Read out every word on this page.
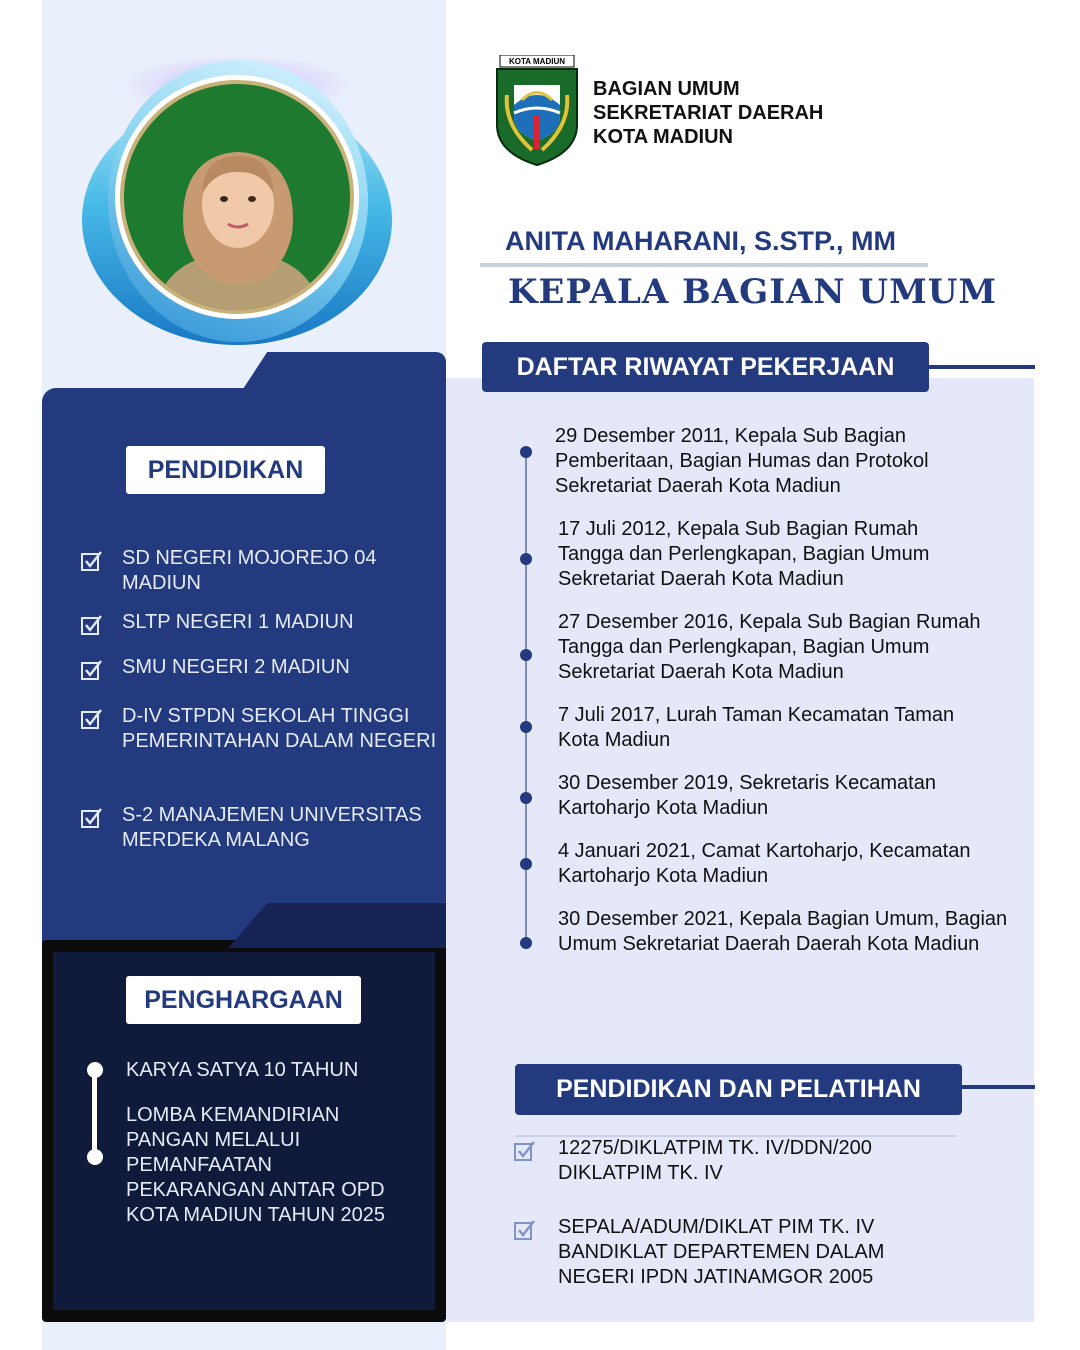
KOTA MADIUN
BAGIAN UMUM
SEKRETARIAT DAERAH
KOTA MADIUN
ANITA MAHARANI, S.STP., MM
KEPALA BAGIAN UMUM
DAFTAR RIWAYAT PEKERJAAN
PENDIDIKAN
SD NEGERI MOJOREJO 04 MADIUN
SLTP NEGERI 1 MADIUN
SMU NEGERI 2 MADIUN
D-IV STPDN SEKOLAH TINGGI PEMERINTAHAN DALAM NEGERI
S-2 MANAJEMEN UNIVERSITAS MERDEKA MALANG
PENGHARGAAN
KARYA SATYA 10 TAHUN
LOMBA KEMANDIRIAN PANGAN MELALUI PEMANFAATAN PEKARANGAN ANTAR OPD KOTA MADIUN TAHUN 2025
29 Desember 2011, Kepala Sub Bagian Pemberitaan, Bagian Humas dan Protokol Sekretariat Daerah Kota Madiun
17 Juli 2012, Kepala Sub Bagian Rumah Tangga dan Perlengkapan, Bagian Umum Sekretariat Daerah Kota Madiun
27 Desember 2016, Kepala Sub Bagian Rumah Tangga dan Perlengkapan, Bagian Umum Sekretariat Daerah Kota Madiun
7 Juli 2017, Lurah Taman Kecamatan Taman Kota Madiun
30 Desember 2019, Sekretaris Kecamatan Kartoharjo Kota Madiun
4 Januari 2021, Camat Kartoharjo, Kecamatan Kartoharjo Kota Madiun
30 Desember 2021, Kepala Bagian Umum, Bagian Umum Sekretariat Daerah Daerah Kota Madiun
PENDIDIKAN DAN PELATIHAN
12275/DIKLATPIM TK. IV/DDN/200 DIKLATPIM TK. IV
SEPALA/ADUM/DIKLAT PIM TK. IV BANDIKLAT DEPARTEMEN DALAM NEGERI IPDN JATINAMGOR 2005
